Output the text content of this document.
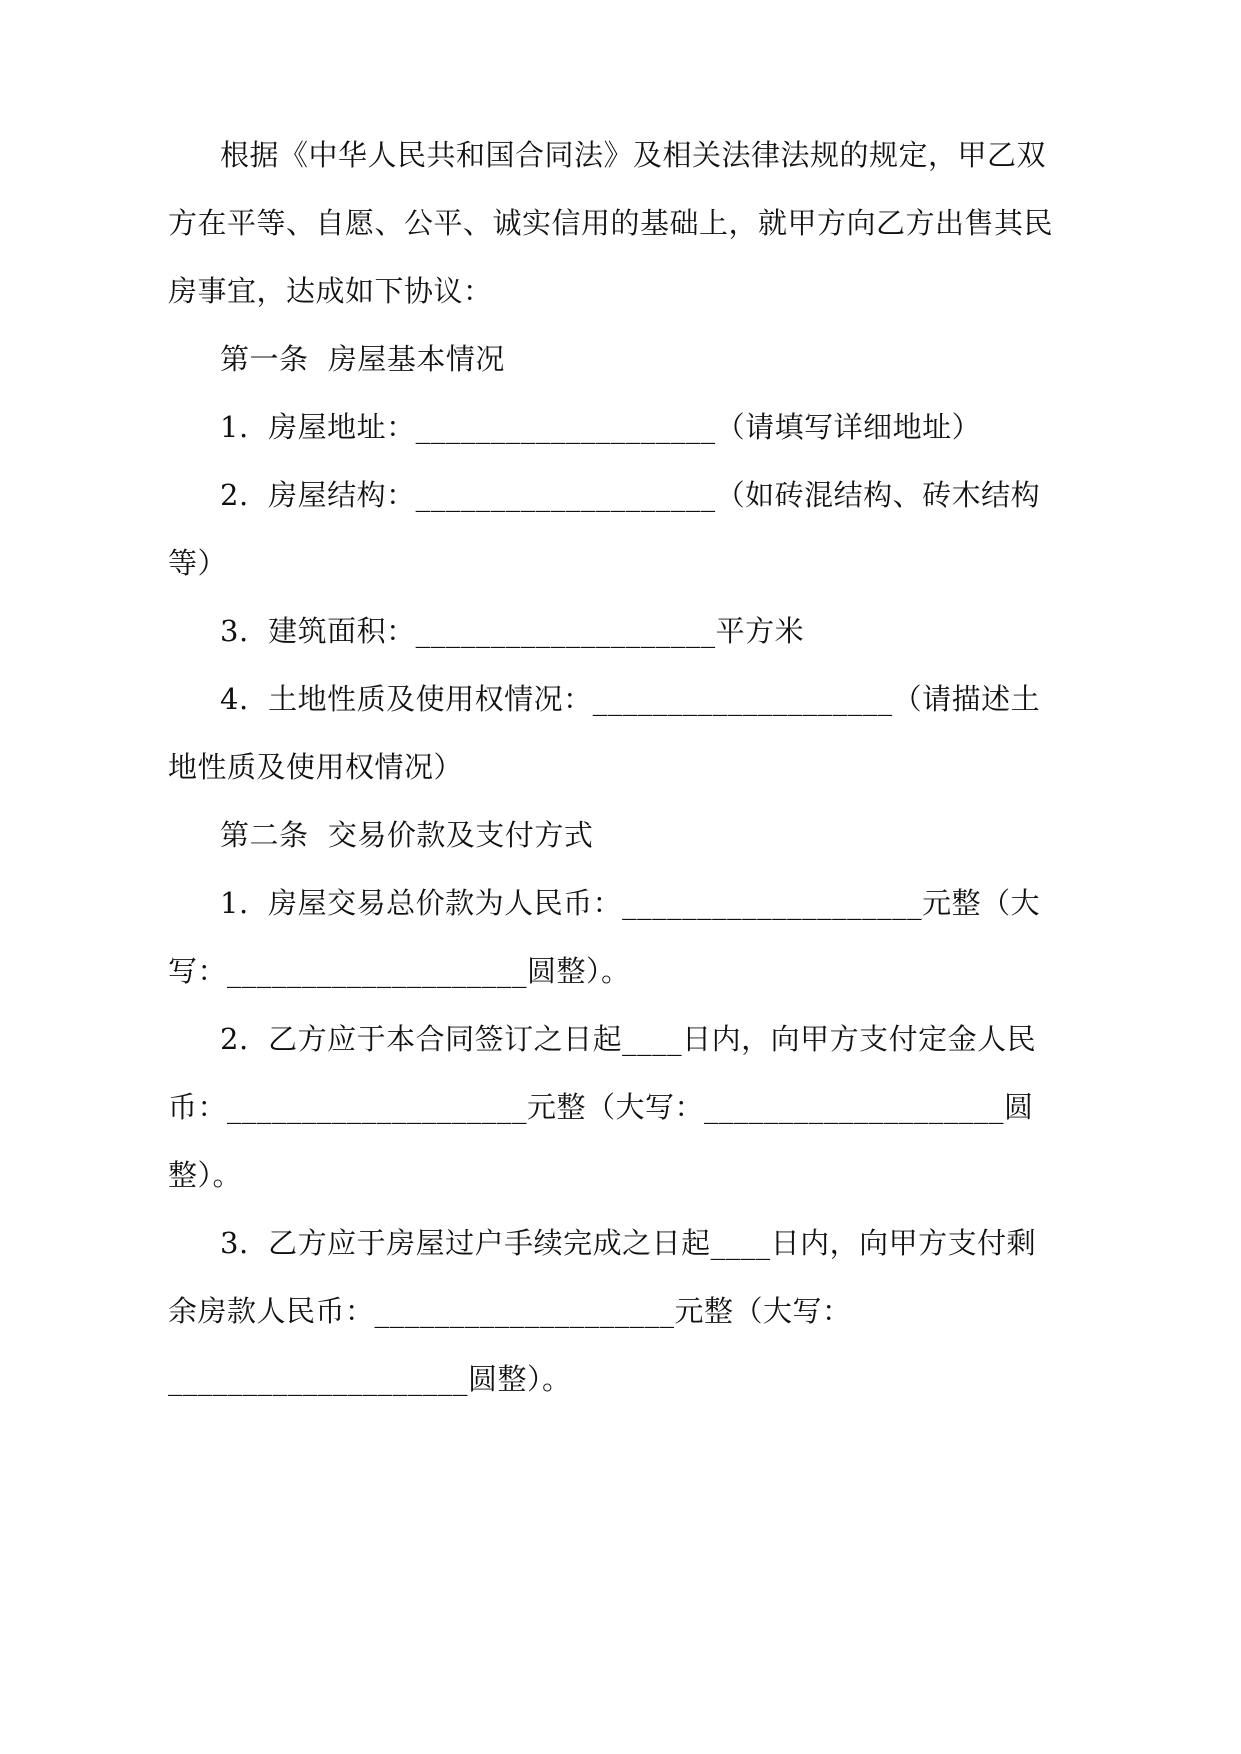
根据《中华人民共和国合同法》及相关法律法规的规定，甲乙双
方在平等、自愿、公平、诚实信用的基础上，就甲方向乙方出售其民
房事宜，达成如下协议：
第一条  房屋基本情况
1.  房屋地址：____________________（请填写详细地址）
2.  房屋结构：____________________（如砖混结构、砖木结构
等）
3.  建筑面积：____________________平方米
4.  土地性质及使用权情况：____________________（请描述土
地性质及使用权情况）
第二条  交易价款及支付方式
1.  房屋交易总价款为人民币：____________________元整（大
写：____________________圆整）。
2.  乙方应于本合同签订之日起____日内，向甲方支付定金人民
币：____________________元整（大写：____________________圆
整）。
3.  乙方应于房屋过户手续完成之日起____日内，向甲方支付剩
余房款人民币：____________________元整（大写：
____________________圆整）。
